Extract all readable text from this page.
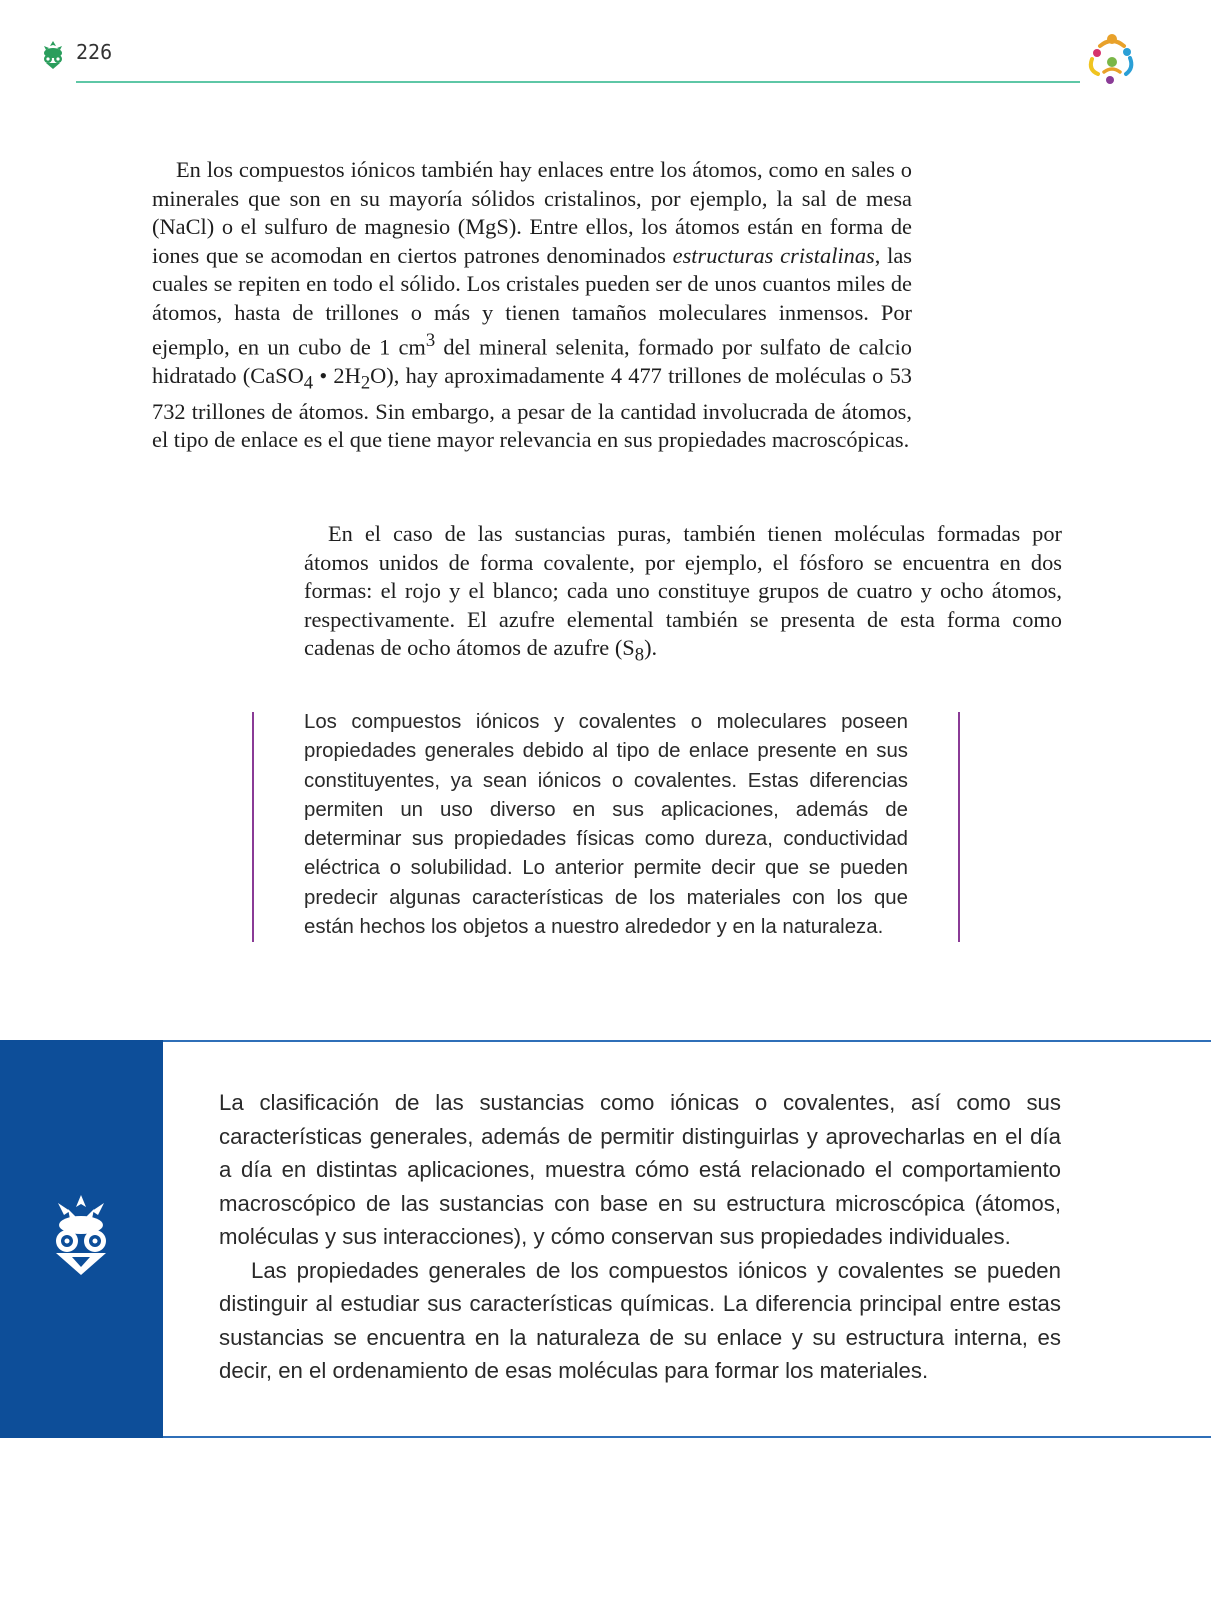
226

En los compuestos iónicos también hay enlaces entre los átomos, como en sales o minerales que son en su mayoría sólidos cristalinos, por ejemplo, la sal de mesa (NaCl) o el sulfuro de magnesio (MgS). Entre ellos, los átomos están en forma de iones que se acomodan en ciertos patrones denominados estructuras cristalinas, las cuales se repiten en todo el sólido. Los cristales pueden ser de unos cuantos miles de átomos, hasta de trillones o más y tienen tamaños moleculares inmensos. Por ejemplo, en un cubo de 1 $cm^3$ del mineral selenita, formado por sulfato de calcio hidratado (CaSO$_4$ • $2H_2O$), hay aproximadamente 4 477 trillones de moléculas o 53 732 trillones de átomos. Sin embargo, a pesar de la cantidad involucrada de átomos, el tipo de enlace es el que tiene mayor relevancia en sus propiedades macroscópicas.

En el caso de las sustancias puras, también tienen moléculas formadas por átomos unidos de forma covalente, por ejemplo, el fósforo se encuentra en dos formas: el rojo y el blanco; cada uno constituye grupos de cuatro y ocho átomos, respectivamente. El azufre elemental también se presenta de esta forma como cadenas de ocho átomos de azufre $(S_8)$.

Los compuestos iónicos y covalentes o moleculares poseen propiedades generales debido al tipo de enlace presente en sus constituyentes, ya sean iónicos o covalentes. Estas diferencias permiten un uso diverso en sus aplicaciones, además de determinar sus propiedades físicas como dureza, conductividad eléctrica o solubilidad. Lo anterior permite decir que se pueden predecir algunas características de los materiales con los que están hechos los objetos a nuestro alrededor y en la naturaleza.

La clasificación de las sustancias como iónicas o covalentes, así como sus características generales, además de permitir distinguirlas y aprovecharlas en el día a día en distintas aplicaciones, muestra cómo está relacionado el comportamiento macroscópico de las sustancias con base en su estructura microscópica (átomos, moléculas y sus interacciones), y cómo conservan sus propiedades individuales.

Las propiedades generales de los compuestos iónicos y covalentes se pueden distinguir al estudiar sus características químicas. La diferencia principal entre estas sustancias se encuentra en la naturaleza de su enlace y su estructura interna, es decir, en el ordenamiento de esas moléculas para formar los materiales.
